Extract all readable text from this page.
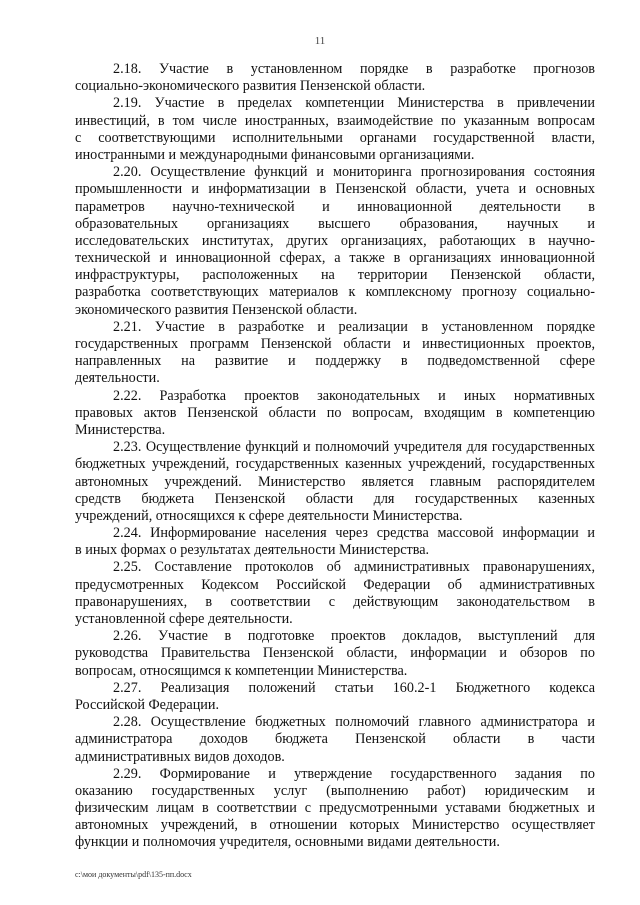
11
2.18. Участие в установленном порядке в разработке прогнозов
социально-экономического развития Пензенской области.
2.19. Участие в пределах компетенции Министерства в привлечении
инвестиций, в том числе иностранных, взаимодействие по указанным вопросам
с соответствующими исполнительными органами государственной власти,
иностранными и международными финансовыми организациями.
2.20. Осуществление функций и мониторинга прогнозирования состояния
промышленности и информатизации в Пензенской области, учета и основных
параметров научно-технической и инновационной деятельности в
образовательных организациях высшего образования, научных и
исследовательских институтах, других организациях, работающих в научно-
технической и инновационной сферах, а также в организациях инновационной
инфраструктуры, расположенных на территории Пензенской области,
разработка соответствующих материалов к комплексному прогнозу социально-
экономического развития Пензенской области.
2.21. Участие в разработке и реализации в установленном порядке
государственных программ Пензенской области и инвестиционных проектов,
направленных на развитие и поддержку в подведомственной сфере
деятельности.
2.22. Разработка проектов законодательных и иных нормативных
правовых актов Пензенской области по вопросам, входящим в компетенцию
Министерства.
2.23. Осуществление функций и полномочий учредителя для государственных
бюджетных учреждений, государственных казенных учреждений, государственных
автономных учреждений. Министерство является главным распорядителем
средств бюджета Пензенской области для государственных казенных
учреждений, относящихся к сфере деятельности Министерства.
2.24. Информирование населения через средства массовой информации и
в иных формах о результатах деятельности Министерства.
2.25. Составление протоколов об административных правонарушениях,
предусмотренных Кодексом Российской Федерации об административных
правонарушениях, в соответствии с действующим законодательством в
установленной сфере деятельности.
2.26. Участие в подготовке проектов докладов, выступлений для
руководства Правительства Пензенской области, информации и обзоров по
вопросам, относящимся к компетенции Министерства.
2.27. Реализация положений статьи 160.2-1 Бюджетного кодекса
Российской Федерации.
2.28. Осуществление бюджетных полномочий главного администратора и
администратора доходов бюджета Пензенской области в части
административных видов доходов.
2.29. Формирование и утверждение государственного задания по
оказанию государственных услуг (выполнению работ) юридическим и
физическим лицам в соответствии с предусмотренными уставами бюджетных и
автономных учреждений, в отношении которых Министерство осуществляет
функции и полномочия учредителя, основными видами деятельности.
c:\мои документы\pdf\135-пп.docx
